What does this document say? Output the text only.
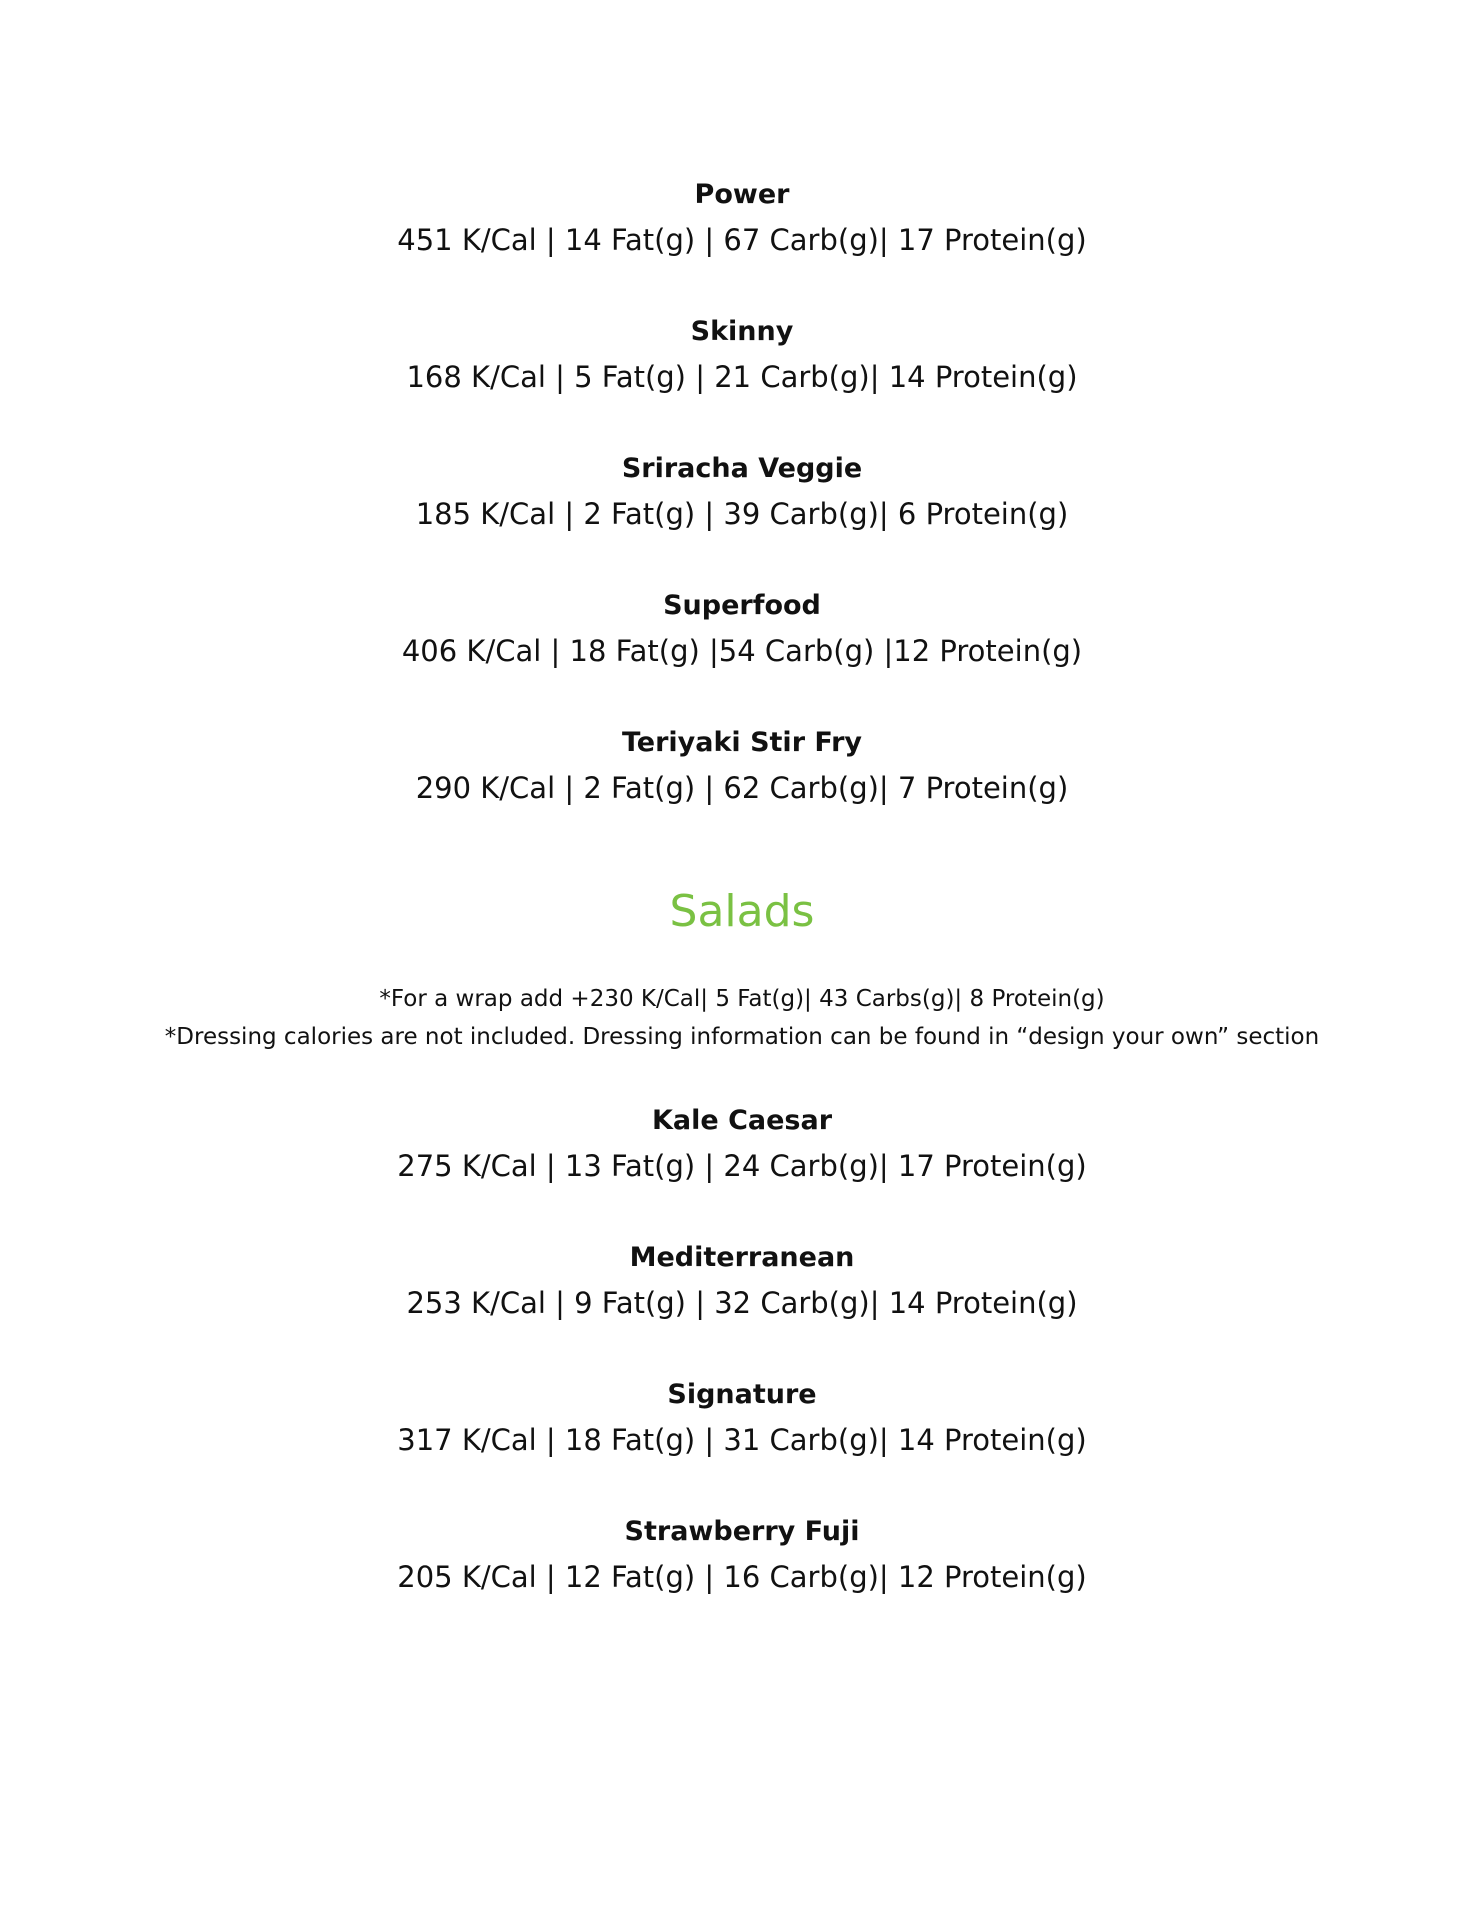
Power
451 K/Cal | 14 Fat(g) | 67 Carb(g)| 17 Protein(g)
Skinny
168 K/Cal | 5 Fat(g) | 21 Carb(g)| 14 Protein(g)
Sriracha Veggie
185 K/Cal | 2 Fat(g) | 39 Carb(g)| 6 Protein(g)
Superfood
406 K/Cal | 18 Fat(g) |54 Carb(g) |12 Protein(g)
Teriyaki Stir Fry
290 K/Cal | 2 Fat(g) | 62 Carb(g)| 7 Protein(g)
Salads
*For a wrap add +230 K/Cal| 5 Fat(g)| 43 Carbs(g)| 8 Protein(g)
*Dressing calories are not included. Dressing information can be found in “design your own” section
Kale Caesar
275 K/Cal | 13 Fat(g) | 24 Carb(g)| 17 Protein(g)
Mediterranean
253 K/Cal | 9 Fat(g) | 32 Carb(g)| 14 Protein(g)
Signature
317 K/Cal | 18 Fat(g) | 31 Carb(g)| 14 Protein(g)
Strawberry Fuji
205 K/Cal | 12 Fat(g) | 16 Carb(g)| 12 Protein(g)
